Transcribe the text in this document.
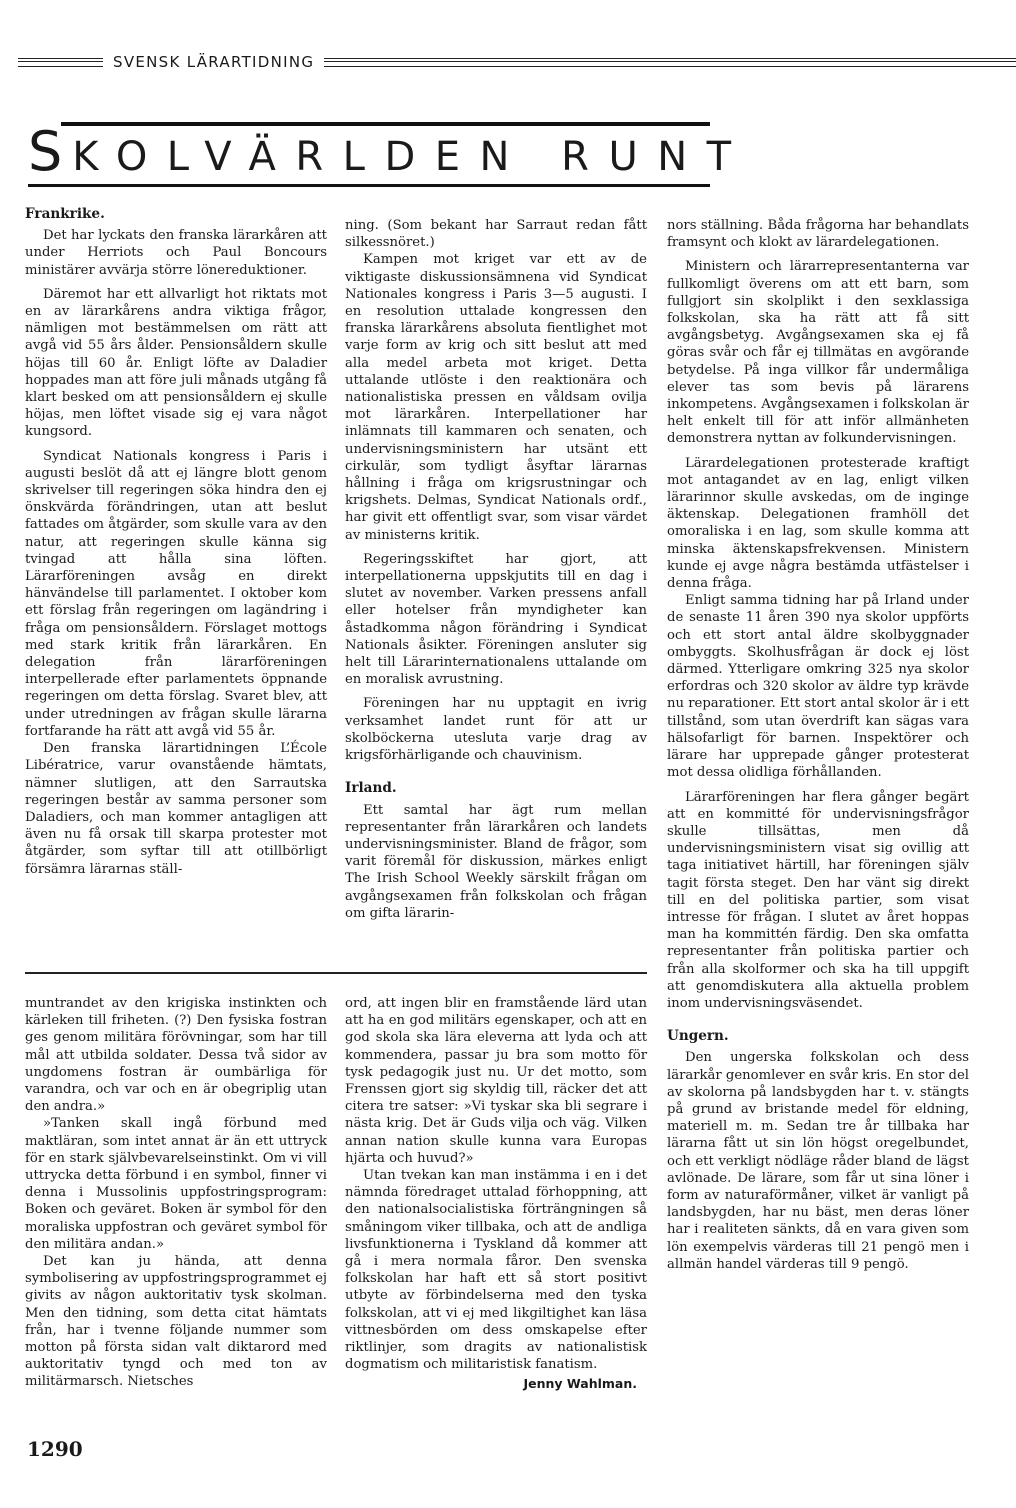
SVENSK LÄRARTIDNING
SKOLVÄRLDEN RUNT
Frankrike.

Det har lyckats den franska lärarkåren att under Herriots och Paul Boncours ministärer avvärja större lönereduktioner.

Däremot har ett allvarligt hot riktats mot en av lärarkårens andra viktiga frågor, nämligen mot bestämmelsen om rätt att avgå vid 55 års ålder. Pensionsåldern skulle höjas till 60 år. Enligt löfte av Daladier hoppades man att före juli månads utgång få klart besked om att pensionsåldern ej skulle höjas, men löftet visade sig ej vara något kungsord.

Syndicat Nationals kongress i Paris i augusti beslöt då att ej längre blott genom skrivelser till regeringen söka hindra den ej önskvärda förändringen, utan att beslut fattades om åtgärder, som skulle vara av den natur, att regeringen skulle känna sig tvingad att hålla sina löften. Lärarföreningen avsåg en direkt hänvändelse till parlamentet. I oktober kom ett förslag från regeringen om lagändring i fråga om pensionsåldern. Förslaget mottogs med stark kritik från lärarkåren. En delegation från lärarföreningen interpellerade efter parlamentets öppnande regeringen om detta förslag. Svaret blev, att under utredningen av frågan skulle lärarna fortfarande ha rätt att avgå vid 55 år.

Den franska lärartidningen L’École Libératrice, varur ovanstående hämtats, nämner slutligen, att den Sarrautska regeringen består av samma personer som Daladiers, och man kommer antagligen att även nu få orsak till skarpa protester mot åtgärder, som syftar till att otillbörligt försämra lärarnas ställ-

ning. (Som bekant har Sarraut redan fått silkessnöret.)

Kampen mot kriget var ett av de viktigaste diskussionsämnena vid Syndicat Nationales kongress i Paris 3—5 augusti. I en resolution uttalade kongressen den franska lärarkårens absoluta fientlighet mot varje form av krig och sitt beslut att med alla medel arbeta mot kriget. Detta uttalande utlöste i den reaktionära och nationalistiska pressen en våldsam ovilja mot lärarkåren. Interpellationer har inlämnats till kammaren och senaten, och undervisningsministern har utsänt ett cirkulär, som tydligt åsyftar lärarnas hållning i fråga om krigsrustningar och krigshets. Delmas, Syndicat Nationals ordf., har givit ett offentligt svar, som visar värdet av ministerns kritik.

Regeringsskiftet har gjort, att interpellationerna uppskjutits till en dag i slutet av november. Varken pressens anfall eller hotelser från myndigheter kan åstadkomma någon förändring i Syndicat Nationals åsikter. Föreningen ansluter sig helt till Lärarinternationalens uttalande om en moralisk avrustning.

Föreningen har nu upptagit en ivrig verksamhet landet runt för att ur skolböckerna utesluta varje drag av krigsförhärligande och chauvinism.

Irland.

Ett samtal har ägt rum mellan representanter från lärarkåren och landets undervisningsminister. Bland de frågor, som varit föremål för diskussion, märkes enligt The Irish School Weekly särskilt frågan om avgångsexamen från folkskolan och frågan om gifta lärarin-

nors ställning. Båda frågorna har behandlats framsynt och klokt av lärardelegationen.

Ministern och lärarrepresentanterna var fullkomligt överens om att ett barn, som fullgjort sin skolplikt i den sexklassiga folkskolan, ska ha rätt att få sitt avgångsbetyg. Avgångsexamen ska ej få göras svår och får ej tillmätas en avgörande betydelse. På inga villkor får undermåliga elever tas som bevis på lärarens inkompetens. Avgångsexamen i folkskolan är helt enkelt till för att inför allmänheten demonstrera nyttan av folkundervisningen.

Lärardelegationen protesterade kraftigt mot antagandet av en lag, enligt vilken lärarinnor skulle avskedas, om de inginge äktenskap. Delegationen framhöll det omoraliska i en lag, som skulle komma att minska äktenskapsfrekvensen. Ministern kunde ej avge några bestämda utfästelser i denna fråga.

Enligt samma tidning har på Irland under de senaste 11 åren 390 nya skolor uppförts och ett stort antal äldre skolbyggnader ombyggts. Skolhusfrågan är dock ej löst därmed. Ytterligare omkring 325 nya skolor erfordras och 320 skolor av äldre typ krävde nu reparationer. Ett stort antal skolor är i ett tillstånd, som utan överdrift kan sägas vara hälsofarligt för barnen. Inspektörer och lärare har upprepade gånger protesterat mot dessa olidliga förhållanden.

Lärarföreningen har flera gånger begärt att en kommitté för undervisningsfrågor skulle tillsättas, men då undervisningsministern visat sig ovillig att taga initiativet härtill, har föreningen själv tagit första steget. Den har vänt sig direkt till en del politiska partier, som visat intresse för frågan. I slutet av året hoppas man ha kommittén färdig. Den ska omfatta representanter från politiska partier och från alla skolformer och ska ha till uppgift att genomdiskutera alla aktuella problem inom undervisningsväsendet.

Ungern.

Den ungerska folkskolan och dess lärarkår genomlever en svår kris. En stor del av skolorna på landsbygden har t. v. stängts på grund av bristande medel för eldning, materiell m. m. Sedan tre år tillbaka har lärarna fått ut sin lön högst oregelbundet, och ett verkligt nödläge råder bland de lägst avlönade. De lärare, som får ut sina löner i form av naturaförmåner, vilket är vanligt på landsbygden, har nu bäst, men deras löner har i realiteten sänkts, då en vara given som lön exempelvis värderas till 21 pengö men i allmän handel värderas till 9 pengö.

muntrandet av den krigiska instinkten och kärleken till friheten. (?) Den fysiska fostran ges genom militära förövningar, som har till mål att utbilda soldater. Dessa två sidor av ungdomens fostran är oumbärliga för varandra, och var och en är obegriplig utan den andra.»

»Tanken skall ingå förbund med maktläran, som intet annat är än ett uttryck för en stark självbevarelseinstinkt. Om vi vill uttrycka detta förbund i en symbol, finner vi denna i Mussolinis uppfostringsprogram: Boken och geväret. Boken är symbol för den moraliska uppfostran och geväret symbol för den militära andan.»

Det kan ju hända, att denna symbolisering av uppfostringsprogrammet ej givits av någon auktoritativ tysk skolman. Men den tidning, som detta citat hämtats från, har i tvenne följande nummer som motton på första sidan valt diktarord med auktoritativ tyngd och med ton av militärmarsch. Nietsches

ord, att ingen blir en framstående lärd utan att ha en god militärs egenskaper, och att en god skola ska lära eleverna att lyda och att kommendera, passar ju bra som motto för tysk pedagogik just nu. Ur det motto, som Frenssen gjort sig skyldig till, räcker det att citera tre satser: »Vi tyskar ska bli segrare i nästa krig. Det är Guds vilja och väg. Vilken annan nation skulle kunna vara Europas hjärta och huvud?»

Utan tvekan kan man instämma i en i det nämnda föredraget uttalad förhoppning, att den nationalsocialistiska förträngningen så småningom viker tillbaka, och att de andliga livsfunktionerna i Tyskland då kommer att gå i mera normala fåror. Den svenska folkskolan har haft ett så stort positivt utbyte av förbindelserna med den tyska folkskolan, att vi ej med likgiltighet kan läsa vittnesbörden om dess omskapelse efter riktlinjer, som dragits av nationalistisk dogmatism och militaristisk fanatism.

Jenny Wahlman.
1290
